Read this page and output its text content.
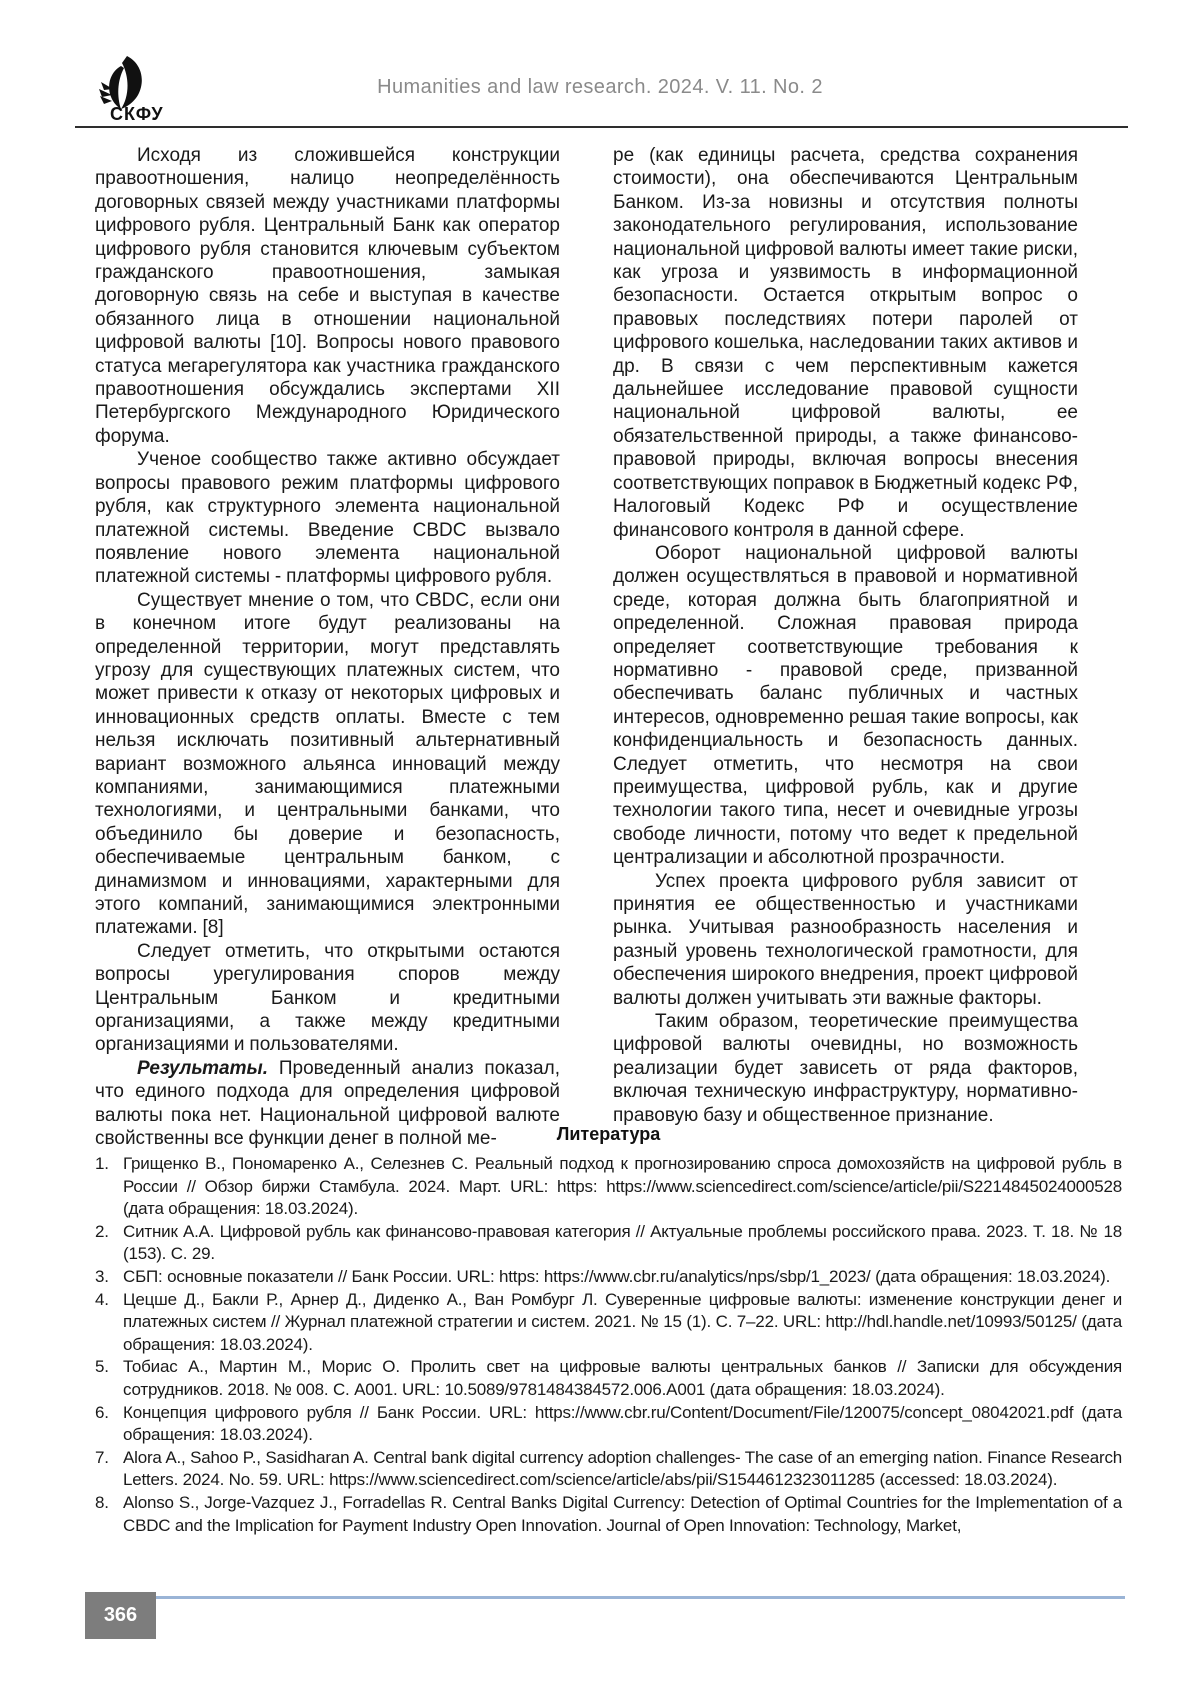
СКФУ
Humanities and law research. 2024. V. 11. No. 2

Исходя из сложившейся конструкции правоотношения, налицо неопределённость договорных связей между участниками платформы цифрового рубля. Центральный Банк как оператор цифрового рубля становится ключевым субъектом гражданского правоотношения, замыкая договорную связь на себе и выступая в качестве обязанного лица в отношении национальной цифровой валюты [10]. Вопросы нового правового статуса мегарегулятора как участника гражданского правоотношения обсуждались экспертами XII Петербургского Международного Юридического форума.

Ученое сообщество также активно обсуждает вопросы правового режим платформы цифрового рубля, как структурного элемента национальной платежной системы. Введение CBDC вызвало появление нового элемента национальной платежной системы - платформы цифрового рубля.

Существует мнение о том, что CBDC, если они в конечном итоге будут реализованы на определенной территории, могут представлять угрозу для существующих платежных систем, что может привести к отказу от некоторых цифровых и инновационных средств оплаты. Вместе с тем нельзя исключать позитивный альтернативный вариант возможного альянса инноваций между компаниями, занимающимися платежными технологиями, и центральными банками, что объединило бы доверие и безопасность, обеспечиваемые центральным банком, с динамизмом и инновациями, характерными для этого компаний, занимающимися электронными платежами. [8]

Следует отметить, что открытыми остаются вопросы урегулирования споров между Центральным Банком и кредитными организациями, а также между кредитными организациями и пользователями.

Результаты. Проведенный анализ показал, что единого подхода для определения цифровой валюты пока нет. Национальной цифровой валюте свойственны все функции денег в полной ме-

ре (как единицы расчета, средства сохранения стоимости), она обеспечиваются Центральным Банком. Из-за новизны и отсутствия полноты законодательного регулирования, использование национальной цифровой валюты имеет такие риски, как угроза и уязвимость в информационной безопасности. Остается открытым вопрос о правовых последствиях потери паролей от цифрового кошелька, наследовании таких активов и др. В связи с чем перспективным кажется дальнейшее исследование правовой сущности национальной цифровой валюты, ее обязательственной природы, а также финансово-правовой природы, включая вопросы внесения соответствующих поправок в Бюджетный кодекс РФ, Налоговый Кодекс РФ и осуществление финансового контроля в данной сфере.

Оборот национальной цифровой валюты должен осуществляться в правовой и нормативной среде, которая должна быть благоприятной и определенной. Сложная правовая природа определяет соответствующие требования к нормативно - правовой среде, призванной обеспечивать баланс публичных и частных интересов, одновременно решая такие вопросы, как конфиденциальность и безопасность данных. Следует отметить, что несмотря на свои преимущества, цифровой рубль, как и другие технологии такого типа, несет и очевидные угрозы свободе личности, потому что ведет к предельной централизации и абсолютной прозрачности.

Успех проекта цифрового рубля зависит от принятия ее общественностью и участниками рынка. Учитывая разнообразность населения и разный уровень технологической грамотности, для обеспечения широкого внедрения, проект цифровой валюты должен учитывать эти важные факторы.

Таким образом, теоретические преимущества цифровой валюты очевидны, но возможность реализации будет зависеть от ряда факторов, включая техническую инфраструктуру, нормативно-правовую базу и общественное признание.

Литература
1. Грищенко В., Пономаренко А., Селезнев С. Реальный подход к прогнозированию спроса домохозяйств на цифровой рубль в России // Обзор биржи Стамбула. 2024. Март. URL: https: https://www.sciencedirect.com/science/article/pii/S2214845024000528 (дата обращения: 18.03.2024).
2. Ситник А.А. Цифровой рубль как финансово-правовая категория // Актуальные проблемы российского права. 2023. Т. 18. № 18 (153). С. 29.
3. СБП: основные показатели // Банк России. URL: https: https://www.cbr.ru/analytics/nps/sbp/1_2023/ (дата обращения: 18.03.2024).
4. Цецше Д., Бакли Р., Арнер Д., Диденко А., Ван Ромбург Л. Суверенные цифровые валюты: изменение конструкции денег и платежных систем // Журнал платежной стратегии и систем. 2021. № 15 (1). С. 7–22. URL: http://hdl.handle.net/10993/50125/ (дата обращения: 18.03.2024).
5. Тобиас А., Мартин М., Морис О. Пролить свет на цифровые валюты центральных банков // Записки для обсуждения сотрудников. 2018. № 008. С. A001. URL: 10.5089/9781484384572.006.A001 (дата обращения: 18.03.2024).
6. Концепция цифрового рубля // Банк России. URL: https://www.cbr.ru/Content/Document/File/120075/concept_08042021.pdf (дата обращения: 18.03.2024).
7. Alora A., Sahoo P., Sasidharan A. Central bank digital currency adoption challenges- The case of an emerging nation. Finance Research Letters. 2024. No. 59. URL: https://www.sciencedirect.com/science/article/abs/pii/S1544612323011285 (accessed: 18.03.2024).
8. Alonso S., Jorge-Vazquez J., Forradellas R. Central Banks Digital Currency: Detection of Optimal Countries for the Implementation of a CBDC and the Implication for Payment Industry Open Innovation. Journal of Open Innovation: Technology, Market,
366
